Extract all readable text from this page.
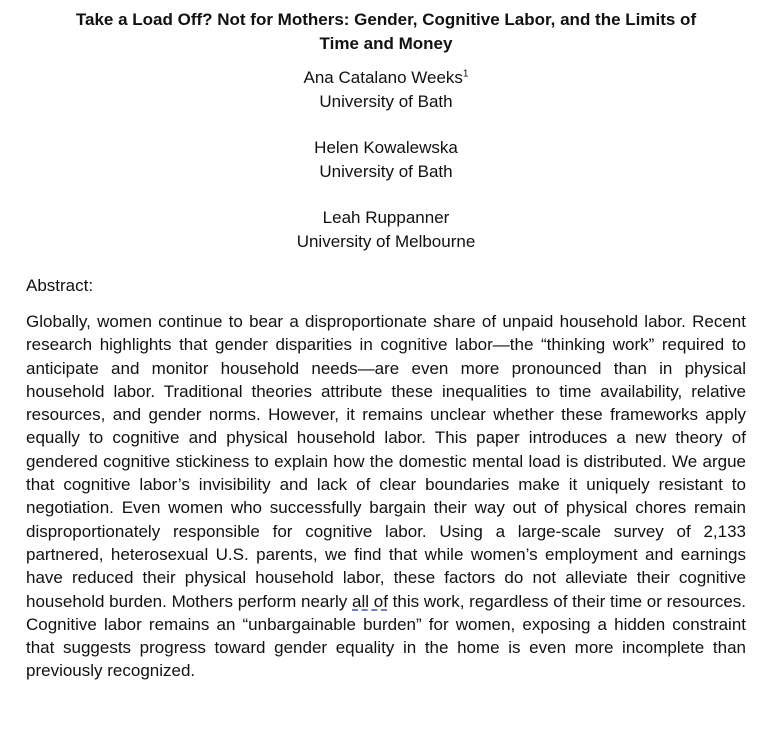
Take a Load Off? Not for Mothers: Gender, Cognitive Labor, and the Limits of
Time and Money
Ana Catalano Weeks$^1$
University of Bath
Helen Kowalewska
University of Bath
Leah Ruppanner
University of Melbourne
Abstract:

Globally, women continue to bear a disproportionate share of unpaid household labor. Recent research highlights that gender disparities in cognitive labor—the “thinking work” required to anticipate and monitor household needs—are even more pronounced than in physical household labor. Traditional theories attribute these inequalities to time availability, relative resources, and gender norms. However, it remains unclear whether these frameworks apply equally to cognitive and physical household labor. This paper introduces a new theory of gendered cognitive stickiness to explain how the domestic mental load is distributed. We argue that cognitive labor’s invisibility and lack of clear boundaries make it uniquely resistant to negotiation. Even women who successfully bargain their way out of physical chores remain disproportionately responsible for cognitive labor. Using a large-scale survey of 2,133 partnered, heterosexual U.S. parents, we find that while women’s employment and earnings have reduced their physical household labor, these factors do not alleviate their cognitive household burden. Mothers perform nearly all of this work, regardless of their time or resources. Cognitive labor remains an “unbargainable burden” for women, exposing a hidden constraint that suggests progress toward gender equality in the home is even more incomplete than previously recognized.
